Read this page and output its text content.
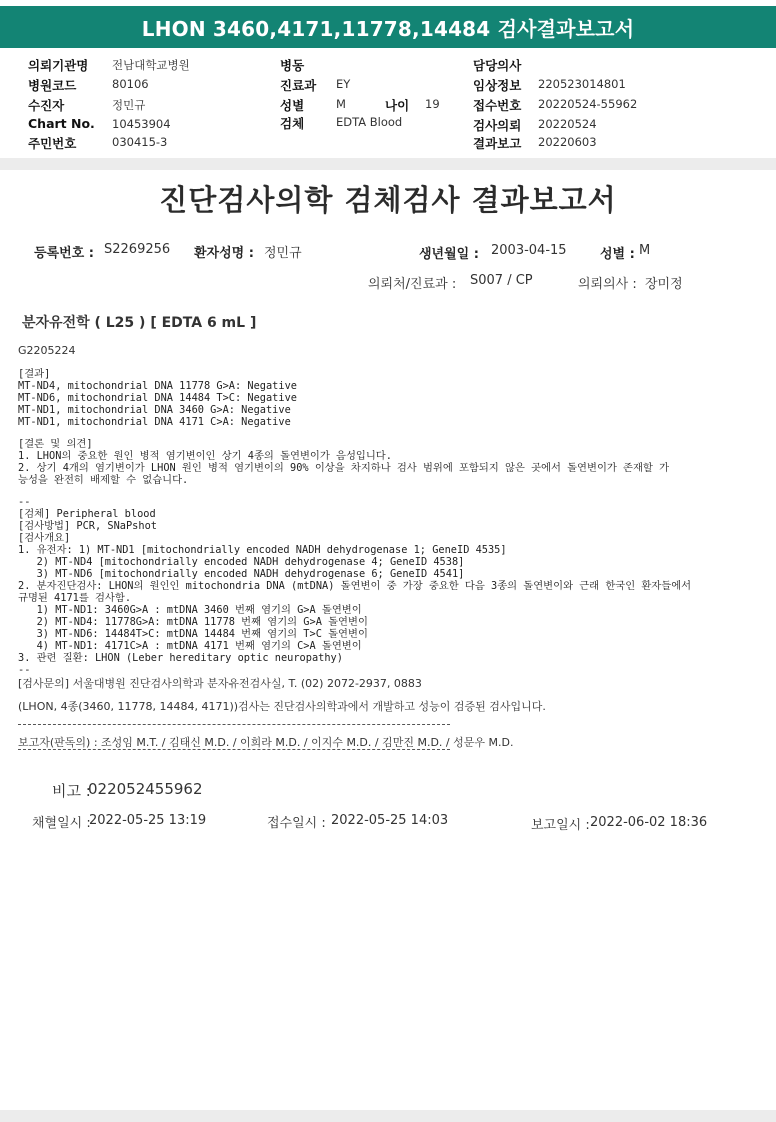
LHON 3460,4171,11778,14484 검사결과보고서
의뢰기관명 전남대학교병원
병원코드	80106
수진자	정민규
Chart No. 10453904
주민번호	030415-3
병동
진료과 EY
성별	M	나이 19
검체	EDTA Blood
담당의사
임상정보 220523014801
접수번호 20220524-55962
검사의뢰 20220524
결과보고 20220603
진단검사의학 검체검사 결과보고서
등록번호 : S2269256 환자성명 : 정민규	생년월일 : 2003-04-15	성별 : M
의뢰처/진료과 : S007 / CP	의뢰의사 : 장미정
분자유전학 ( L25 ) [ EDTA 6 mL ]
G2205224
[결과]
MT-ND4, mitochondrial DNA 11778 G>A: Negative
MT-ND6, mitochondrial DNA 14484 T>C: Negative
MT-ND1, mitochondrial DNA 3460 G>A: Negative
MT-ND1, mitochondrial DNA 4171 C>A: Negative
[결론 및 의견]
1. LHON의 중요한 원인 병적 염기변이인 상기 4종의 돌연변이가 음성입니다.
2. 상기 4개의 염기변이가 LHON 원인 병적 염기변이의 90% 이상을 차지하나 검사 범위에 포함되지 않은 곳에서 돌연변이가 존재할 가
능성을 완전히 배제할 수 없습니다.
--
[검체] Peripheral blood
[검사방법] PCR, SNaPshot
[검사개요]
1. 유전자: 1) MT-ND1 [mitochondrially encoded NADH dehydrogenase 1; GeneID 4535]
2) MT-ND4 [mitochondrially encoded NADH dehydrogenase 4; GeneID 4538]
3) MT-ND6 [mitochondrially encoded NADH dehydrogenase 6; GeneID 4541]
2. 분자진단검사: LHON의 원인인 mitochondria DNA (mtDNA) 돌연변이 중 가장 중요한 다음 3종의 돌연변이와 근래 한국인 환자들에서
규명된 4171를 검사함.
1) MT-ND1: 3460G>A : mtDNA 3460 번째 염기의 G>A 돌연변이
2) MT-ND4: 11778G>A: mtDNA 11778 번째 염기의 G>A 돌연변이
3) MT-ND6: 14484T>C: mtDNA 14484 번째 염기의 T>C 돌연변이
4) MT-ND1: 4171C>A : mtDNA 4171 번째 염기의 C>A 돌연변이
3. 관련 질환: LHON (Leber hereditary optic neuropathy)
--
[검사문의] 서울대병원 진단검사의학과 분자유전검사실, T. (02) 2072-2937, 0883
(LHON, 4종(3460, 11778, 14484, 4171))검사는 진단검사의학과에서 개발하고 성능이 검증된 검사입니다.
보고자(판독의) : 조성임 M.T. / 김태신 M.D. / 이희라 M.D. / 이지수 M.D. / 김만진 M.D. / 성문우 M.D.
비고 :
022052455962
채혈일시 :
2022-05-25 13:19	접수일시 : 2022-05-25 14:03	보고일시 : 2022-06-02 18:36
